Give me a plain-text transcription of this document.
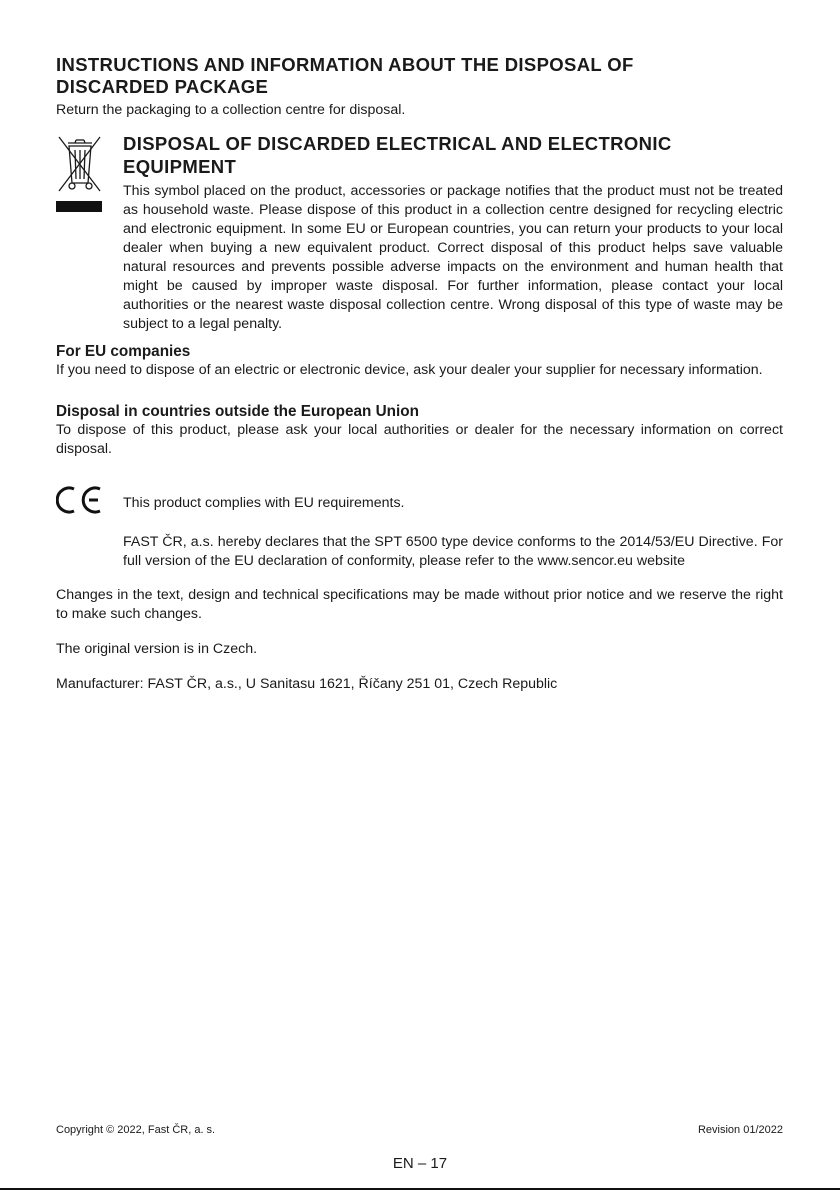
INSTRUCTIONS AND INFORMATION ABOUT THE DISPOSAL OF
DISCARDED PACKAGE

Return the packaging to a collection centre for disposal.

DISPOSAL OF DISCARDED ELECTRICAL AND ELECTRONIC
EQUIPMENT

This symbol placed on the product, accessories or package notifies that the product must not be treated as household waste. Please dispose of this product in a collection centre designed for recycling electric and electronic equipment. In some EU or European countries, you can return your products to your local dealer when buying a new equivalent product. Correct disposal of this product helps save valuable natural resources and prevents possible adverse impacts on the environment and human health that might be caused by improper waste disposal. For further information, please contact your local authorities or the nearest waste disposal collection centre. Wrong disposal of this type of waste may be subject to a legal penalty.

For EU companies

If you need to dispose of an electric or electronic device, ask your dealer your supplier for necessary information.

Disposal in countries outside the European Union

To dispose of this product, please ask your local authorities or dealer for the necessary information on correct disposal.

This product complies with EU requirements.

FAST ČR, a.s. hereby declares that the SPT 6500 type device conforms to the 2014/53/EU Directive. For full version of the EU declaration of conformity, please refer to the www.sencor.eu website

Changes in the text, design and technical specifications may be made without prior notice and we reserve the right to make such changes.

The original version is in Czech.

Manufacturer: FAST ČR, a.s., U Sanitasu 1621, Říčany 251 01, Czech Republic

Copyright © 2022, Fast ČR, a. s.	Revision 01/2022
EN – 17
